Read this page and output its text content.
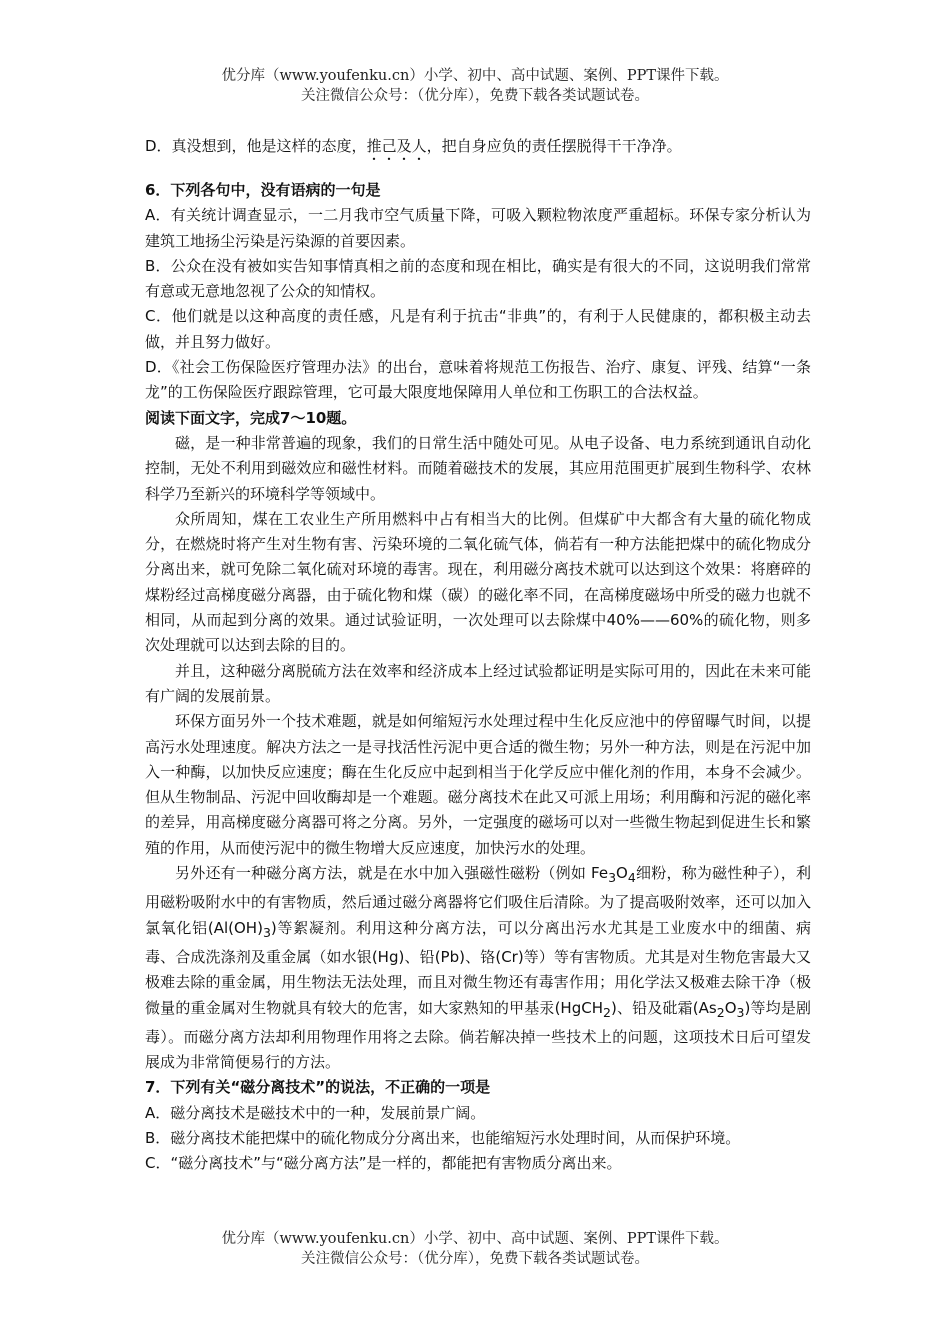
优分库（www.youfenku.cn）小学、初中、高中试题、案例、PPT课件下载。
关注微信公众号：（优分库），免费下载各类试题试卷。

D．真没想到，他是这样的态度，推己及人，把自身应负的责任摆脱得干干净净。

6．下列各句中，没有语病的一句是

A．有关统计调查显示，一二月我市空气质量下降，可吸入颗粒物浓度严重超标。环保专家分析认为建筑工地扬尘污染是污染源的首要因素。

B．公众在没有被如实告知事情真相之前的态度和现在相比，确实是有很大的不同，这说明我们常常有意或无意地忽视了公众的知情权。

C．他们就是以这种高度的责任感，凡是有利于抗击“非典”的，有利于人民健康的，都积极主动去做，并且努力做好。

D．《社会工伤保险医疗管理办法》的出台，意味着将规范工伤报告、治疗、康复、评残、结算“一条龙”的工伤保险医疗跟踪管理，它可最大限度地保障用人单位和工伤职工的合法权益。

阅读下面文字，完成7～10题。

磁，是一种非常普遍的现象，我们的日常生活中随处可见。从电子设备、电力系统到通讯自动化控制，无处不利用到磁效应和磁性材料。而随着磁技术的发展，其应用范围更扩展到生物科学、农林科学乃至新兴的环境科学等领域中。

众所周知，煤在工农业生产所用燃料中占有相当大的比例。但煤矿中大都含有大量的硫化物成分，在燃烧时将产生对生物有害、污染环境的二氧化硫气体，倘若有一种方法能把煤中的硫化物成分分离出来，就可免除二氧化硫对环境的毒害。现在，利用磁分离技术就可以达到这个效果：将磨碎的煤粉经过高梯度磁分离器，由于硫化物和煤（碳）的磁化率不同，在高梯度磁场中所受的磁力也就不相同，从而起到分离的效果。通过试验证明，一次处理可以去除煤中40%——60%的硫化物，则多次处理就可以达到去除的目的。

并且，这种磁分离脱硫方法在效率和经济成本上经过试验都证明是实际可用的，因此在未来可能有广阔的发展前景。

环保方面另外一个技术难题，就是如何缩短污水处理过程中生化反应池中的停留曝气时间，以提高污水处理速度。解决方法之一是寻找活性污泥中更合适的微生物；另外一种方法，则是在污泥中加入一种酶，以加快反应速度；酶在生化反应中起到相当于化学反应中催化剂的作用，本身不会减少。但从生物制品、污泥中回收酶却是一个难题。磁分离技术在此又可派上用场；利用酶和污泥的磁化率的差异，用高梯度磁分离器可将之分离。另外，一定强度的磁场可以对一些微生物起到促进生长和繁殖的作用，从而使污泥中的微生物增大反应速度，加快污水的处理。

另外还有一种磁分离方法，就是在水中加入强磁性磁粉（例如 $Fe_3O_4$细粉，称为磁性种子），利用磁粉吸附水中的有害物质，然后通过磁分离器将它们吸住后清除。为了提高吸附效率，还可以加入氯氧化铝$(Al(OH)_3)$等絮凝剂。利用这种分离方法，可以分离出污水尤其是工业废水中的细菌、病毒、合成洗涤剂及重金属（如水银(Hg)、铅(Pb)、铬(Cr)等）等有害物质。尤其是对生物危害最大又极难去除的重金属，用生物法无法处理，而且对微生物还有毒害作用；用化学法又极难去除干净（极微量的重金属对生物就具有较大的危害，如大家熟知的甲基汞(HgCH$_2$)、铅及砒霜$(As_2O_3)$等均是剧毒）。而磁分离方法却利用物理作用将之去除。倘若解决掉一些技术上的问题，这项技术日后可望发展成为非常简便易行的方法。

7．下列有关“磁分离技术”的说法，不正确的一项是

A．磁分离技术是磁技术中的一种，发展前景广阔。

B．磁分离技术能把煤中的硫化物成分分离出来，也能缩短污水处理时间，从而保护环境。

C．“磁分离技术”与“磁分离方法”是一样的，都能把有害物质分离出来。

优分库（www.youfenku.cn）小学、初中、高中试题、案例、PPT课件下载。
关注微信公众号：（优分库），免费下载各类试题试卷。
